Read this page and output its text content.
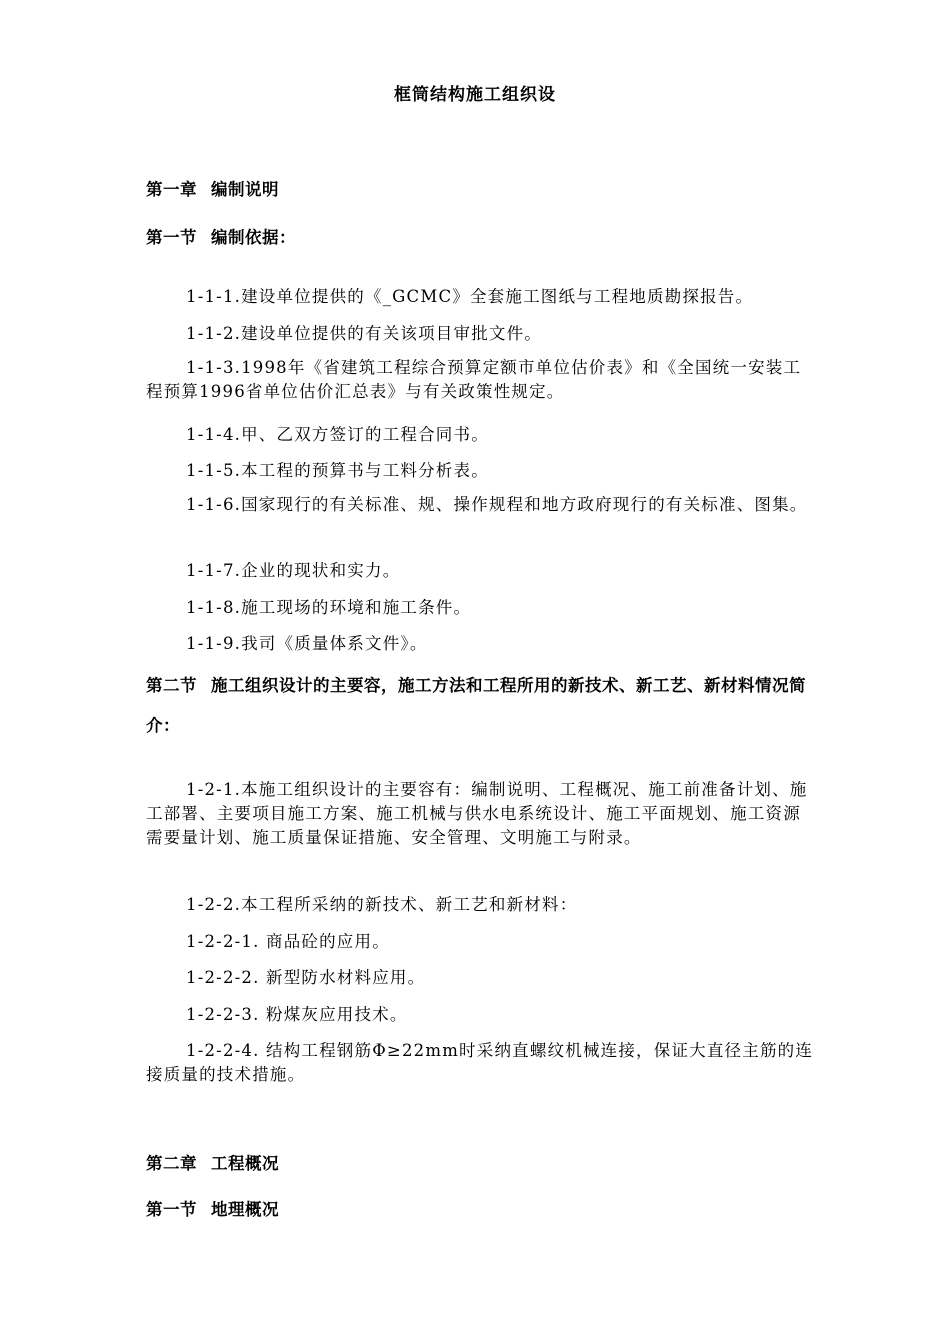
框筒结构施工组织设
第一章 编制说明
第一节 编制依据：

1-1-1.建设单位提供的《_GCMC》全套施工图纸与工程地质勘探报告。

1-1-2.建设单位提供的有关该项目审批文件。

1-1-3.1998年《省建筑工程综合预算定额市单位估价表》和《全国统一安装工程预算1996省单位估价汇总表》与有关政策性规定。

1-1-4.甲、乙双方签订的工程合同书。

1-1-5.本工程的预算书与工料分析表。

1-1-6.国家现行的有关标准、规、操作规程和地方政府现行的有关标准、图集。

1-1-7.企业的现状和实力。

1-1-8.施工现场的环境和施工条件。

1-1-9.我司《质量体系文件》。

第二节 施工组织设计的主要容，施工方法和工程所用的新技术、新工艺、新材料情况简介：

1-2-1.本施工组织设计的主要容有：编制说明、工程概况、施工前准备计划、施工部署、主要项目施工方案、施工机械与供水电系统设计、施工平面规划、施工资源需要量计划、施工质量保证措施、安全管理、文明施工与附录。

1-2-2.本工程所采纳的新技术、新工艺和新材料：

1-2-2-1. 商品砼的应用。

1-2-2-2. 新型防水材料应用。

1-2-2-3. 粉煤灰应用技术。

1-2-2-4. 结构工程钢筋Φ≥22mm时采纳直螺纹机械连接，保证大直径主筋的连接质量的技术措施。

第二章 工程概况
第一节 地理概况
